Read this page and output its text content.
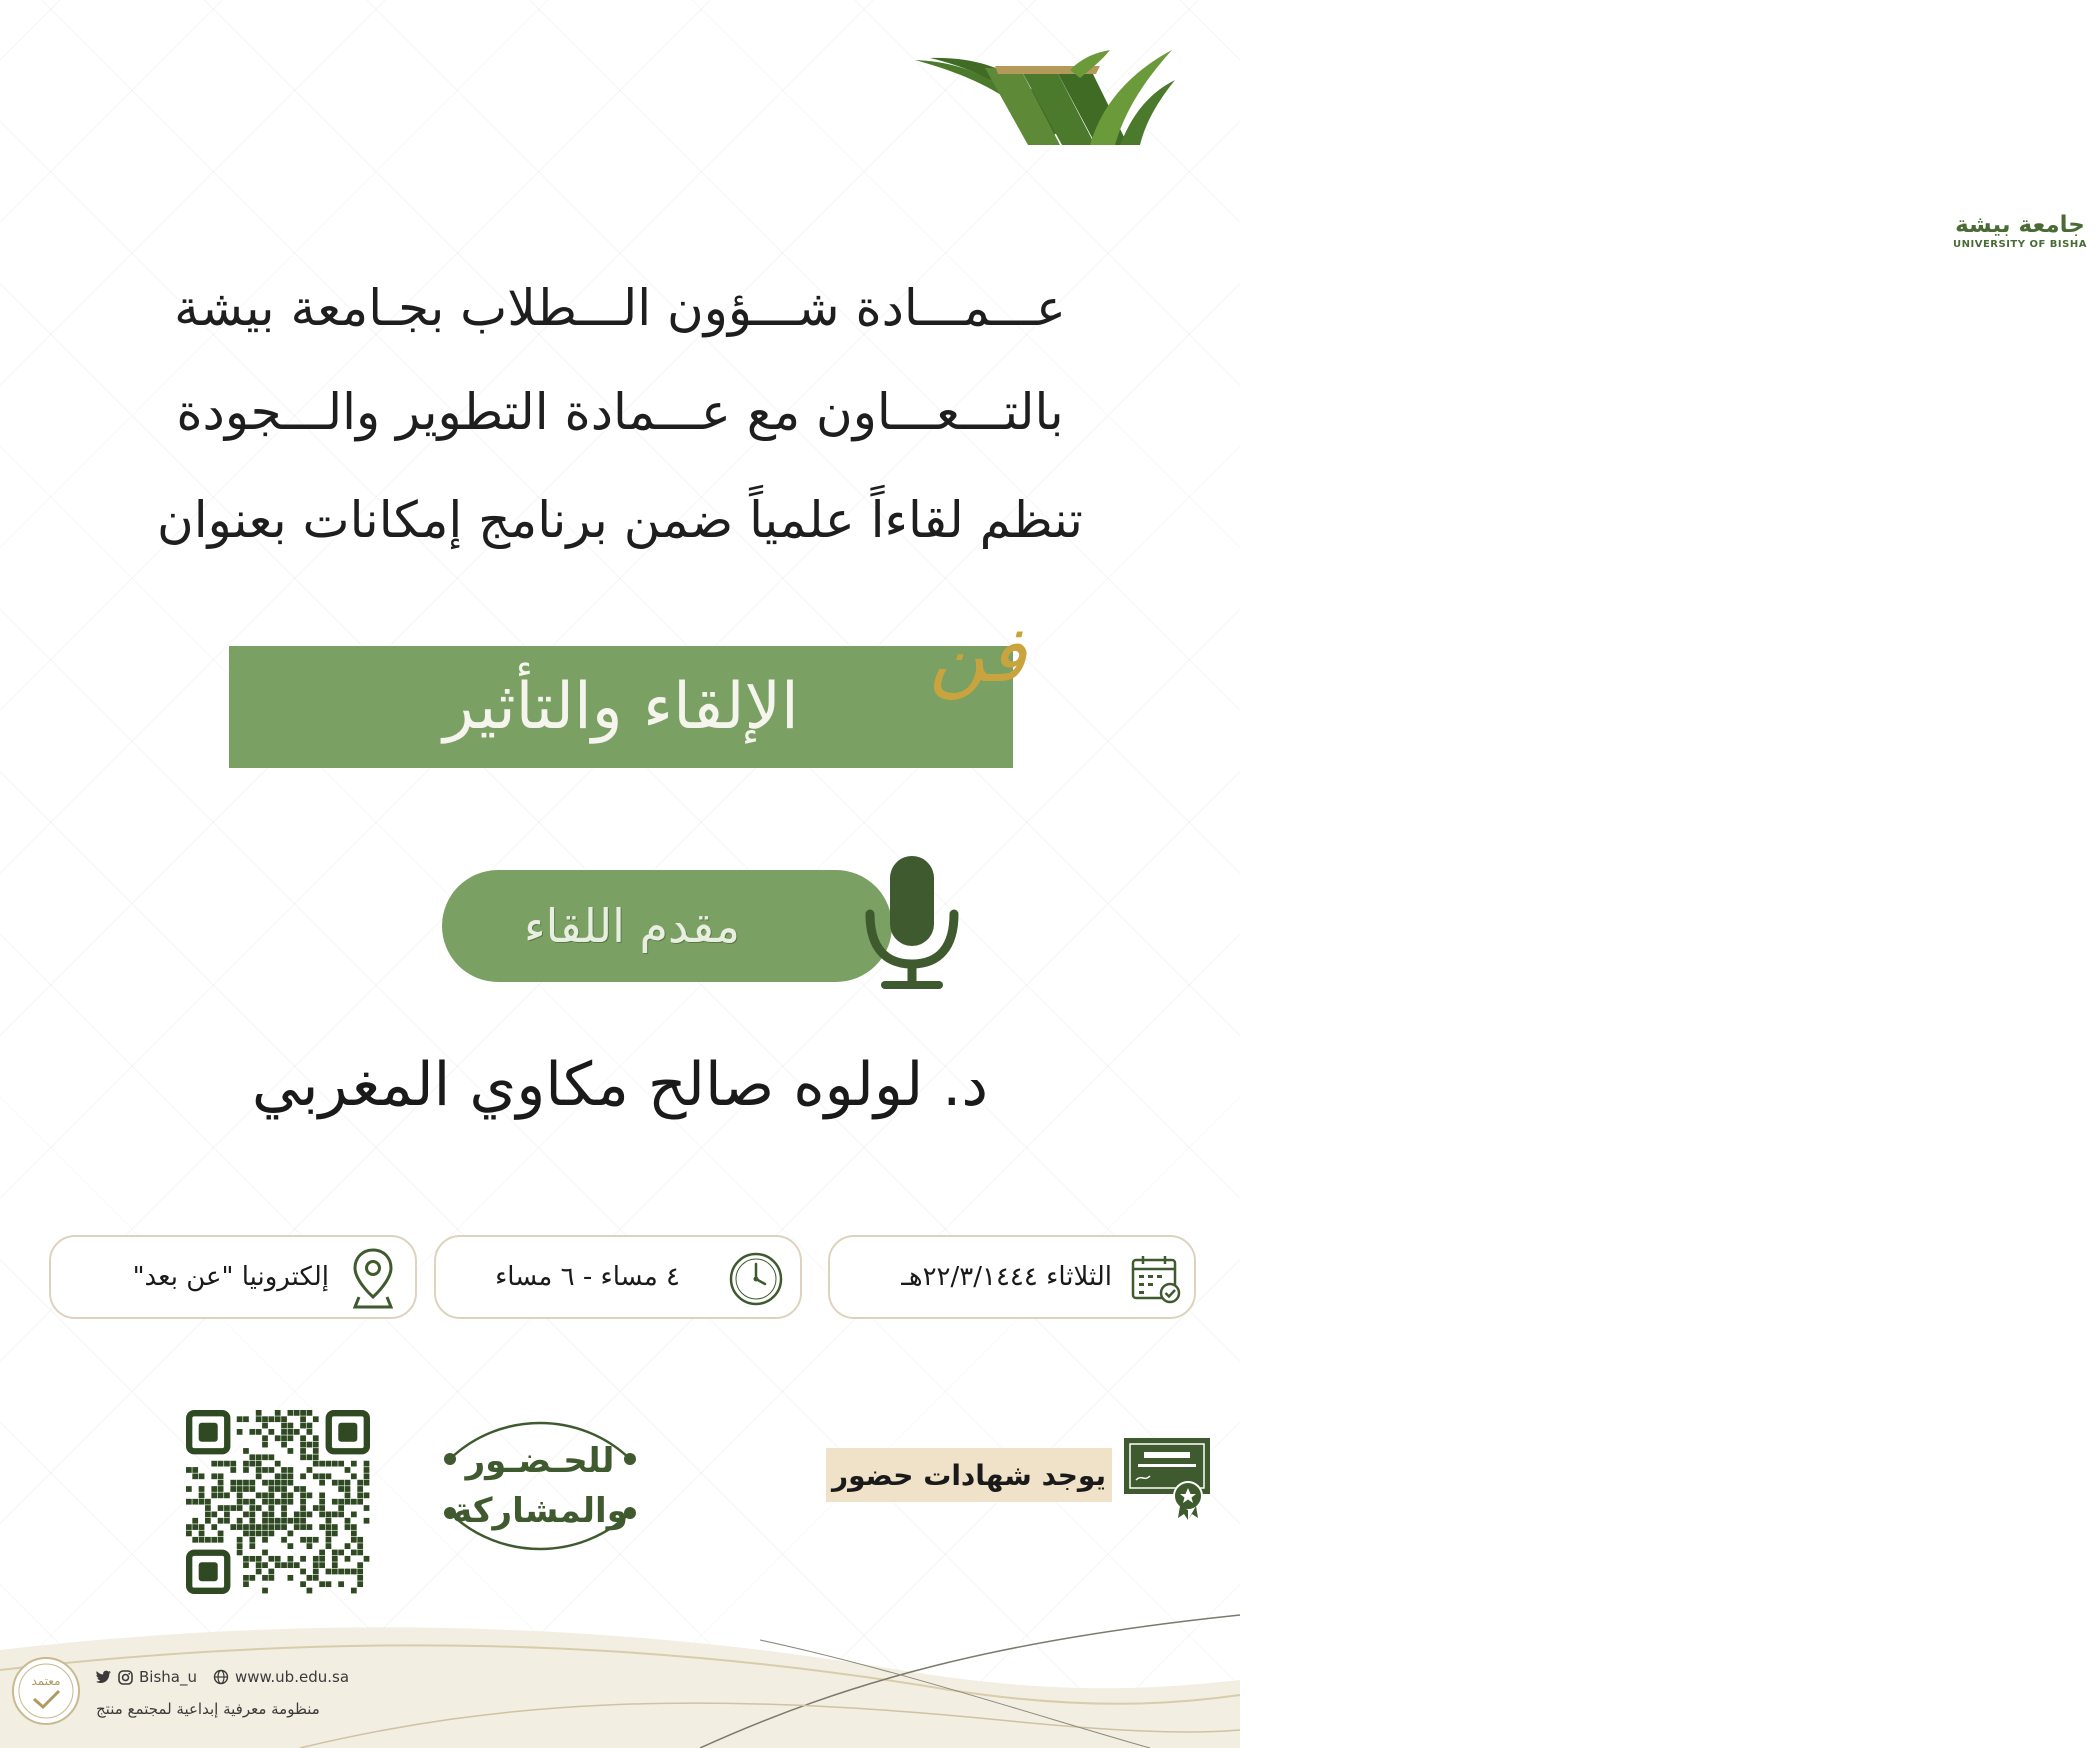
جامعة بيشة
UNIVERSITY OF BISHA
عـــمـــادة شـــؤون الـــطلاب بجـامعة بيشة
بالتـــعـــاون مع عـــمادة التطوير والـــجودة
تنظم لقاءاً علمياً ضمن برنامج إمكانات بعنوان
الإلقاء والتأثير
فن
مقدم اللقاء
د. لولوه صالح مكاوي المغربي
الثلاثاء ٢٢/٣/١٤٤٤هـ
٤ مساء - ٦ مساء
إلكترونيا "عن بعد"
يوجد شهادات حضور
للحـضـور
والمشاركة
معتمد	Bisha_u	www.ub.edu.sa
منظومة معرفية إبداعية لمجتمع منتج
